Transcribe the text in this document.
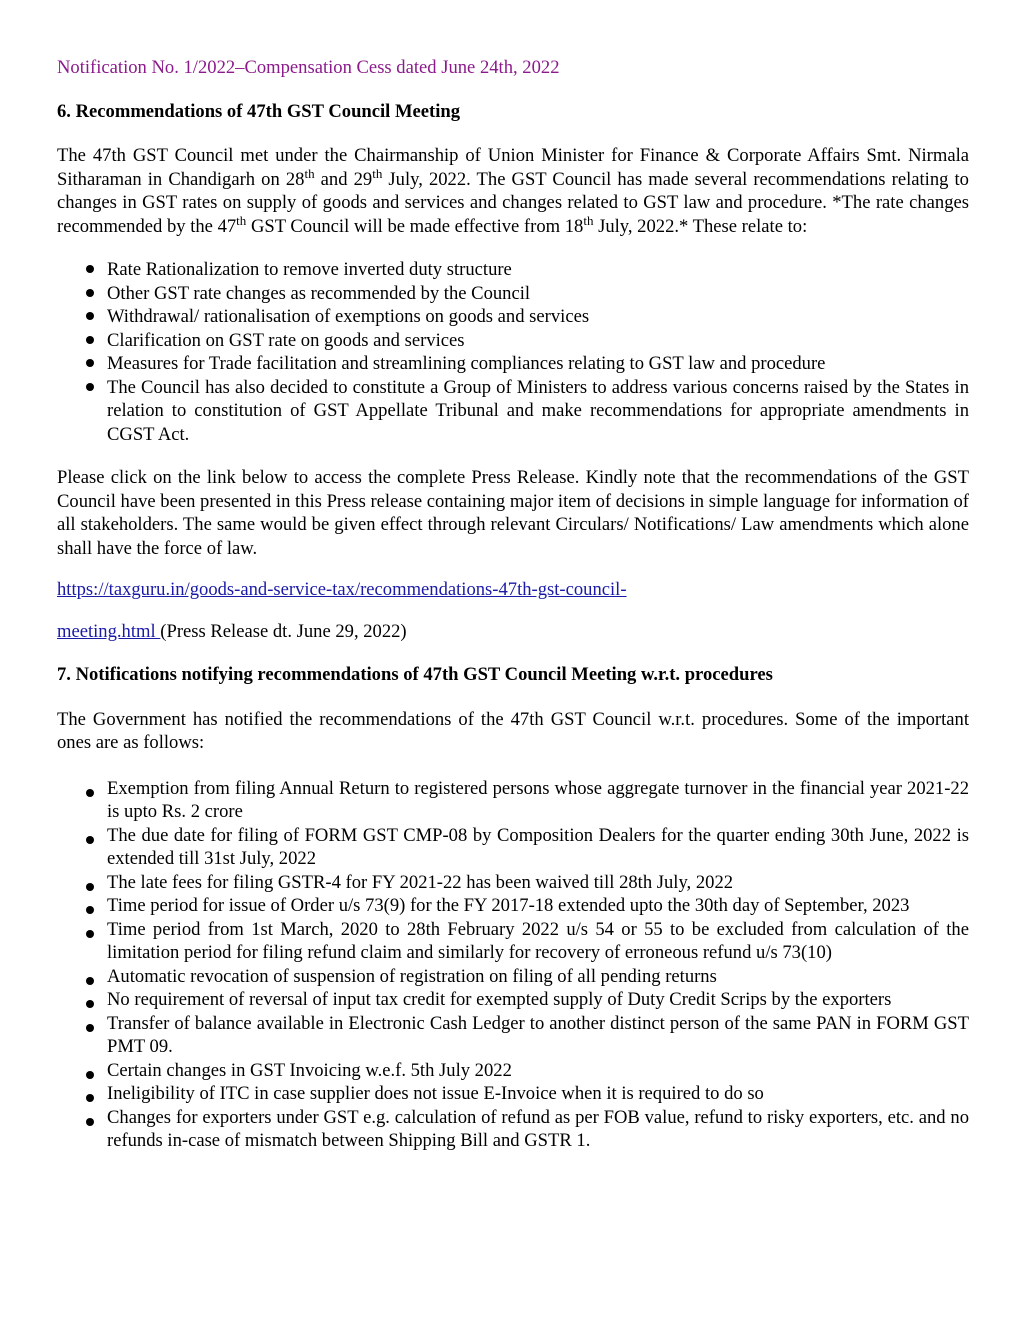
Notification No. 1/2022–Compensation Cess dated June 24th, 2022
6. Recommendations of 47th GST Council Meeting

The 47th GST Council met under the Chairmanship of Union Minister for Finance & Corporate Affairs Smt. Nirmala Sitharaman in Chandigarh on 28th and 29th July, 2022. The GST Council has made several recommendations relating to changes in GST rates on supply of goods and services and changes related to GST law and procedure. *The rate changes recommended by the 47th GST Council will be made effective from 18th July, 2022.* These relate to:

Rate Rationalization to remove inverted duty structure
Other GST rate changes as recommended by the Council
Withdrawal/ rationalisation of exemptions on goods and services
Clarification on GST rate on goods and services
Measures for Trade facilitation and streamlining compliances relating to GST law and procedure
The Council has also decided to constitute a Group of Ministers to address various concerns raised by the States in relation to constitution of GST Appellate Tribunal and make recommendations for appropriate amendments in CGST Act.

Please click on the link below to access the complete Press Release. Kindly note that the recommendations of the GST Council have been presented in this Press release containing major item of decisions in simple language for information of all stakeholders. The same would be given effect through relevant Circulars/ Notifications/ Law amendments which alone shall have the force of law.

https://taxguru.in/goods-and-service-tax/recommendations-47th-gst-council-

meeting.html (Press Release dt. June 29, 2022)

7. Notifications notifying recommendations of 47th GST Council Meeting w.r.t. procedures

The Government has notified the recommendations of the 47th GST Council w.r.t. procedures. Some of the important ones are as follows:

Exemption from filing Annual Return to registered persons whose aggregate turnover in the financial year 2021-22 is upto Rs. 2 crore
The due date for filing of FORM GST CMP-08 by Composition Dealers for the quarter ending 30th June, 2022 is extended till 31st July, 2022
The late fees for filing GSTR-4 for FY 2021-22 has been waived till 28th July, 2022
Time period for issue of Order u/s 73(9) for the FY 2017-18 extended upto the 30th day of September, 2023
Time period from 1st March, 2020 to 28th February 2022 u/s 54 or 55 to be excluded from calculation of the limitation period for filing refund claim and similarly for recovery of erroneous refund u/s 73(10)
Automatic revocation of suspension of registration on filing of all pending returns
No requirement of reversal of input tax credit for exempted supply of Duty Credit Scrips by the exporters
Transfer of balance available in Electronic Cash Ledger to another distinct person of the same PAN in FORM GST PMT 09.
Certain changes in GST Invoicing w.e.f. 5th July 2022
Ineligibility of ITC in case supplier does not issue E-Invoice when it is required to do so
Changes for exporters under GST e.g. calculation of refund as per FOB value, refund to risky exporters, etc. and no refunds in-case of mismatch between Shipping Bill and GSTR 1.
